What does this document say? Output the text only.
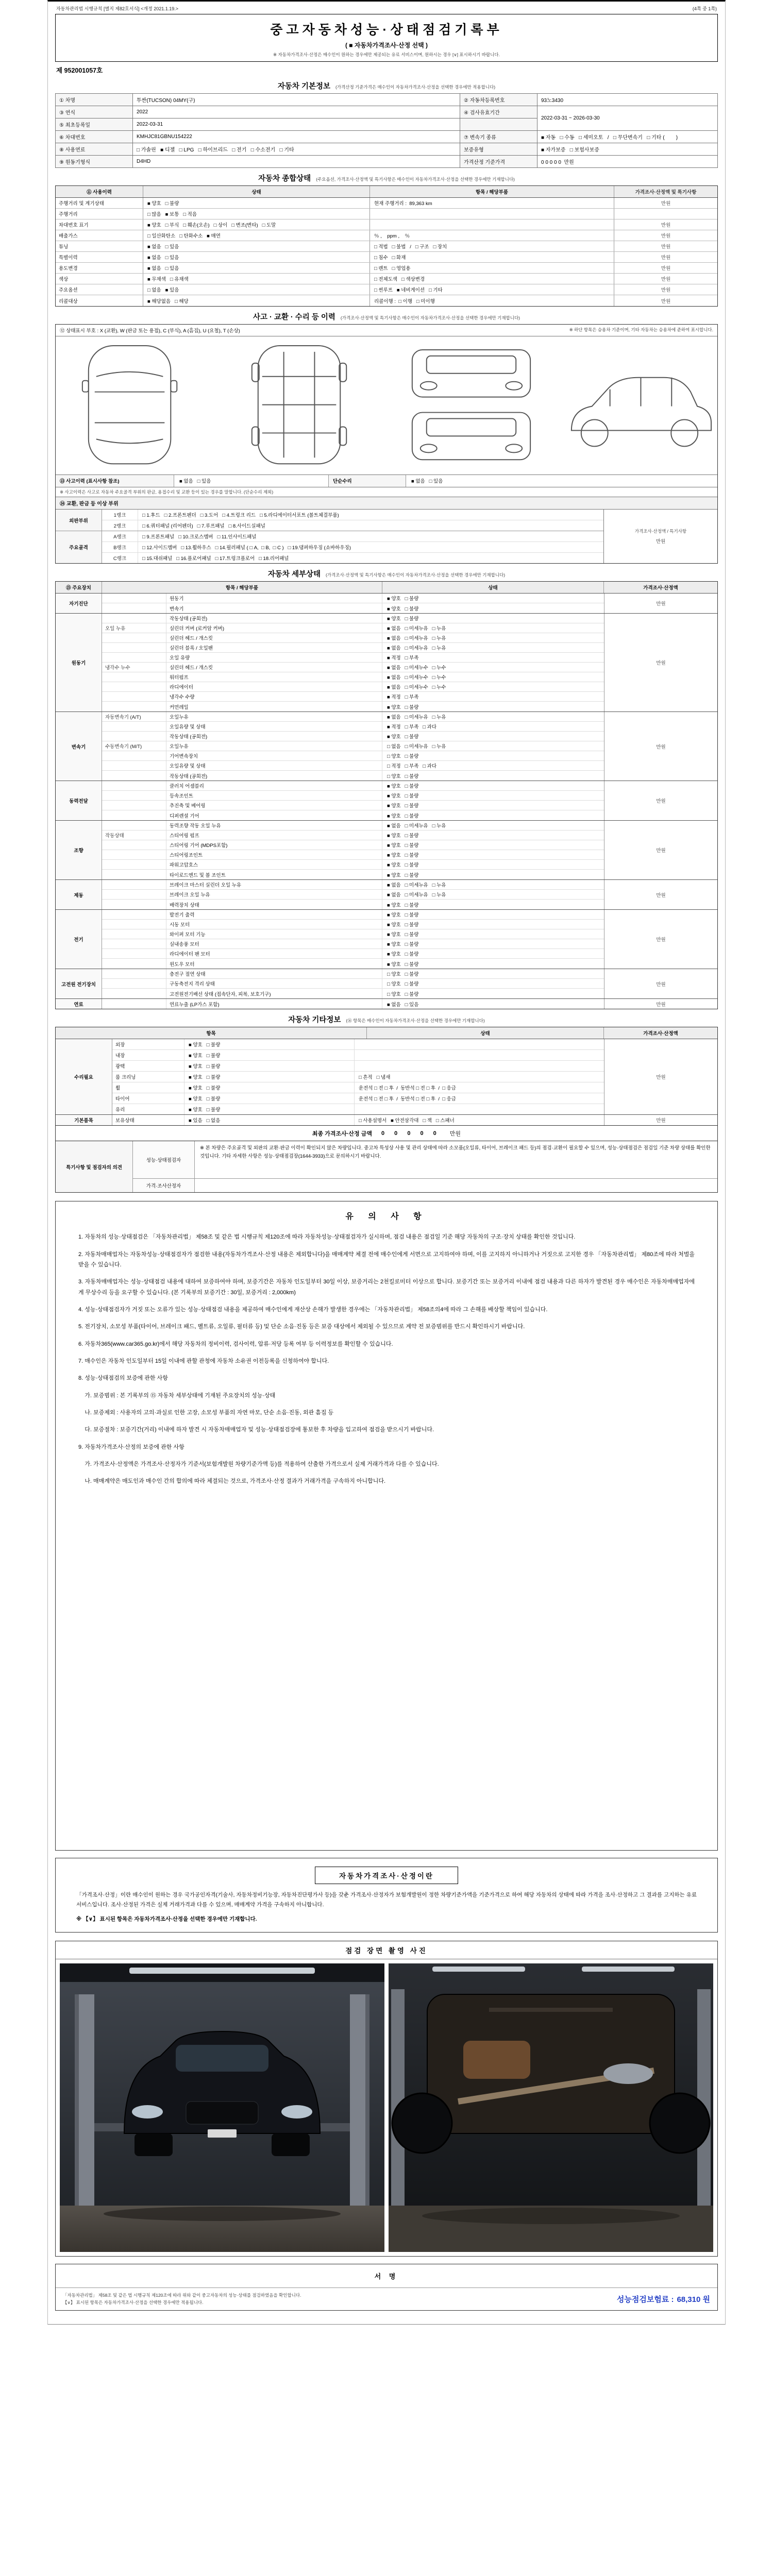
자동차관리법 시행규칙 [별지 제82호서식] <개정 2021.1.19.>	(4쪽 중 1쪽)
중고자동차성능·상태점검기록부
( ■ 자동차가격조사·산정 선택 )
※ 자동차가격조사·산정은 매수인이 원하는 경우에만 제공되는 유료 서비스이며, 원하시는 경우 [∨] 표시하시기 바랍니다.
제 952001057호
자동차 기본정보 (가격산정 기준가격은 매수인이 자동차가격조사·산정을 선택한 경우에만 적용합니다)
① 차명	투싼(TUCSON) 04MY(구)	② 자동차등록번호	93노3430
③ 연식	2022	④ 검사유효기간	2022-03-31 ~ 2026-03-30
⑤ 최초등록일	2022-03-31		
⑥ 차대번호	KMHJC81GBNU154222	⑦ 변속기 종류	■ 자동   □ 수동   □ 세미오토   /   □ 무단변속기   □ 기타 (        )
⑧ 사용연료	□ 가솔린   ■ 디젤   □ LPG   □ 하이브리드   □ 전기   □ 수소전기   □ 기타	보증유형	■ 자가보증   □ 보험사보증
⑨ 원동기형식	D4HD	가격산정 기준가격	0 0 0 0 0  만원
자동차 종합상태 (주요옵션, 가격조사·산정액 및 특기사항은 매수인이 자동차가격조사·산정을 선택한 경우에만 기재합니다)
⑪ 사용이력	상태	항목 / 해당부품	가격조사·산정액 및 특기사항
주행거리 및 계기상태	■ 양호   □ 불량	현재 주행거리 :  89,363 km	만원
주행거리	□ 많음   ■ 보통   □ 적음
차대번호 표기	■ 양호   □ 부식   □ 훼손(오손)   □ 상이   □ 변조(변타)   □ 도말	만원
배출가스	□ 일산화탄소   □ 탄화수소   ■ 매연	％ ,    ppm ,    ％	만원
튜닝	■ 없음   □ 있음	□ 적법   □ 불법   /   □ 구조   □ 장치	만원
특별이력	■ 없음   □ 있음	□ 침수   □ 화재	만원
용도변경	■ 없음   □ 있음	□ 렌트   □ 영업용	만원
색상	■ 무채색   □ 유채색	□ 전체도색   □ 색상변경	만원
주요옵션	□ 없음   ■ 있음	□ 썬루프   ■ 네비게이션   □ 기타	만원
리콜대상	■ 해당없음   □ 해당	리콜이행 :  □ 이행   □ 미이행	만원
사고 · 교환 · 수리 등 이력 (가격조사·산정액 및 특기사항은 매수인이 자동차가격조사·산정을 선택한 경우에만 기재합니다)
⑫ 상태표시 부호 : X (교환), W (판금 또는 용접), C (부식), A (흠집), U (요철), T (손상)	※ 하단 항목은 승용차 기준이며, 기타 자동차는 승용차에 준하여 표시합니다.
⑬ 사고이력 (표시사항 참조)	■ 없음   □ 있음	단순수리	■ 없음   □ 있음
※ 사고이력은 사고로 자동차 주요골격 부위의 판금, 용접수리 및 교환 등이 있는 경우를 말합니다. (단순수리 제외)
⑭ 교환, 판금 등 이상 부위
외판부위
1랭크	□ 1.후드   □ 2.프론트펜더   □ 3.도어   □ 4.트렁크 리드   □ 5.라디에이터서포트 (볼트체결부품)
2랭크	□ 6.쿼터패널 (리어펜더)   □ 7.루프패널   □ 8.사이드실패널
주요골격
A랭크	□ 9.프론트패널   □ 10.크로스멤버   □ 11.인사이드패널
B랭크	□ 12.사이드멤버   □ 13.휠하우스   □ 14.필러패널 ( □ A,  □ B,  □ C )   □ 19.댐퍼하우징 (쇼바하우징)
C랭크	□ 15.대쉬패널   □ 16.플로어패널   □ 17.트렁크플로어   □ 18.리어패널
가격조사·산정액 / 특기사항
만원
자동차 세부상태 (가격조사·산정액 및 특기사항은 매수인이 자동차가격조사·산정을 선택한 경우에만 기재합니다)
⑮ 주요장치	항목 / 해당부품	상태	가격조사·산정액
자기진단
원동기	■ 양호   □ 불량
변속기	■ 양호   □ 불량
만원
원동기
작동상태 (공회전)	■ 양호   □ 불량
오일 누유	실린더 커버 (로커암 커버)	■ 없음   □ 미세누유   □ 누유
실린더 헤드 / 개스킷	■ 없음   □ 미세누유   □ 누유
실린더 블록 / 오일팬	■ 없음   □ 미세누유   □ 누유
오일 유량	■ 적정   □ 부족
냉각수 누수	실린더 헤드 / 개스킷	■ 없음   □ 미세누수   □ 누수
워터펌프	■ 없음   □ 미세누수   □ 누수
라디에이터	■ 없음   □ 미세누수   □ 누수
냉각수 수량	■ 적정   □ 부족
커먼레일	■ 양호   □ 불량
만원
변속기
자동변속기 (A/T)	오일누유	■ 없음   □ 미세누유   □ 누유
오일유량 및 상태	■ 적정   □ 부족   □ 과다
작동상태 (공회전)	■ 양호   □ 불량
수동변속기 (M/T)	오일누유	□ 없음   □ 미세누유   □ 누유
기어변속장치	□ 양호   □ 불량
오일유량 및 상태	□ 적정   □ 부족   □ 과다
작동상태 (공회전)	□ 양호   □ 불량
만원
동력전달
클러치 어셈블리	■ 양호   □ 불량
등속조인트	■ 양호   □ 불량
추진축 및 베어링	■ 양호   □ 불량
디퍼렌셜 기어	■ 양호   □ 불량
만원
조향
동력조향 작동 오일 누유	■ 없음   □ 미세누유   □ 누유
작동상태	스티어링 펌프	■ 양호   □ 불량
스티어링 기어 (MDPS포함)	■ 양호   □ 불량
스티어링조인트	■ 양호   □ 불량
파워고압호스	■ 양호   □ 불량
타이로드엔드 및 볼 조인트	■ 양호   □ 불량
만원
제동
브레이크 마스터 실린더 오일 누유	■ 없음   □ 미세누유   □ 누유
브레이크 오일 누유	■ 없음   □ 미세누유   □ 누유
배력장치 상태	■ 양호   □ 불량
만원
전기
발전기 출력	■ 양호   □ 불량
시동 모터	■ 양호   □ 불량
와이퍼 모터 기능	■ 양호   □ 불량
실내송풍 모터	■ 양호   □ 불량
라디에이터 팬 모터	■ 양호   □ 불량
윈도우 모터	■ 양호   □ 불량
만원
고전원 전기장치
충전구 절연 상태	□ 양호   □ 불량
구동축전지 격리 상태	□ 양호   □ 불량
고전원전기배선 상태 (접속단자, 피복, 보호기구)	□ 양호   □ 불량
만원
연료	연료누출 (LP가스 포함)	■ 없음   □ 있음	만원
자동차 기타정보 (⑯ 항목은 매수인이 자동차가격조사·산정을 선택한 경우에만 기재합니다)
항목	상태	가격조사·산정액
수리필요
외장	■ 양호   □ 불량
내장	■ 양호   □ 불량
광택	■ 양호   □ 불량
룸 크리닝	■ 양호   □ 불량	□ 흔적   □ 냄새
휠	■ 양호   □ 불량	운전석 □ 전 □ 후  /  동반석 □ 전 □ 후  /  □ 응급
타이어	■ 양호   □ 불량	운전석 □ 전 □ 후  /  동반석 □ 전 □ 후  /  □ 응급
유리	■ 양호   □ 불량
만원
기본품목	보유상태	■ 있음   □ 없음	□ 사용설명서   ■ 안전삼각대   □ 잭   □ 스패너	만원
최종 가격조사·산정 금액 0 0 0 0 0 만원
특기사항 및 점검자의 의견
성능·상태점검자
※ 본 차량은 주요골격 및 외판의 교환·판금 이력이 확인되지 않은 차량입니다. 중고차 특성상 사용 및 관리 상태에 따라 소모품(오일류, 타이어, 브레이크 패드 등)의 점검·교환이 필요할 수 있으며, 성능·상태점검은 점검일 기준 차량 상태를 확인한 것입니다. 기타 자세한 사항은 성능·상태점검장(1644-3933)으로 문의하시기 바랍니다.
가격·조사산정자
유 의 사 항

1. 자동차의 성능·상태점검은 「자동차관리법」 제58조 및 같은 법 시행규칙 제120조에 따라 자동차성능·상태점검자가 실시하며, 점검 내용은 점검일 기준 해당 자동차의 구조·장치 상태를 확인한 것입니다.

2. 자동차매매업자는 자동차성능·상태점검자가 점검한 내용(자동차가격조사·산정 내용은 제외합니다)을 매매계약 체결 전에 매수인에게 서면으로 고지하여야 하며, 이를 고지하지 아니하거나 거짓으로 고지한 경우 「자동차관리법」 제80조에 따라 처벌을 받을 수 있습니다.

3. 자동차매매업자는 성능·상태점검 내용에 대하여 보증하여야 하며, 보증기간은 자동차 인도일부터 30일 이상, 보증거리는 2천킬로미터 이상으로 합니다. 보증기간 또는 보증거리 이내에 점검 내용과 다른 하자가 발견된 경우 매수인은 자동차매매업자에게 무상수리 등을 요구할 수 있습니다. (본 기록부의 보증기간 : 30일, 보증거리 : 2,000km)

4. 성능·상태점검자가 거짓 또는 오류가 있는 성능·상태점검 내용을 제공하여 매수인에게 재산상 손해가 발생한 경우에는 「자동차관리법」 제58조의4에 따라 그 손해를 배상할 책임이 있습니다.

5. 전기장치, 소모성 부품(타이어, 브레이크 패드, 벨트류, 오일류, 필터류 등) 및 단순 소음·진동 등은 보증 대상에서 제외될 수 있으므로 계약 전 보증범위를 반드시 확인하시기 바랍니다.

6. 자동차365(www.car365.go.kr)에서 해당 자동차의 정비이력, 검사이력, 압류·저당 등록 여부 등 이력정보를 확인할 수 있습니다.

7. 매수인은 자동차 인도일부터 15일 이내에 관할 관청에 자동차 소유권 이전등록을 신청하여야 합니다.

8. 성능·상태점검의 보증에 관한 사항

가. 보증범위 : 본 기록부의 ⑮ 자동차 세부상태에 기재된 주요장치의 성능·상태

나. 보증제외 : 사용자의 고의·과실로 인한 고장, 소모성 부품의 자연 마모, 단순 소음·진동, 외관 흠집 등

다. 보증절차 : 보증기간(거리) 이내에 하자 발견 시 자동차매매업자 및 성능·상태점검장에 통보한 후 차량을 입고하여 점검을 받으시기 바랍니다.

9. 자동차가격조사·산정의 보증에 관한 사항

가. 가격조사·산정액은 가격조사·산정자가 기준서(보험개발원 차량기준가액 등)를 적용하여 산출한 가격으로서 실제 거래가격과 다를 수 있습니다.

나. 매매계약은 매도인과 매수인 간의 합의에 따라 체결되는 것으로, 가격조사·산정 결과가 거래가격을 구속하지 아니합니다.

자동차가격조사·산정이란

「가격조사·산정」이란 매수인이 원하는 경우 국가공인자격(기술사, 자동차정비기능장, 자동차진단평가사 등)을 갖춘 가격조사·산정자가 보험개발원이 정한 차량기준가액을 기준가격으로 하여 해당 자동차의 상태에 따라 가격을 조사·산정하고 그 결과를 고지하는 유료 서비스입니다. 조사·산정된 가격은 실제 거래가격과 다를 수 있으며, 매매계약 가격을 구속하지 아니합니다.

※ 【∨】 표시된 항목은 자동차가격조사·산정을 선택한 경우에만 기재합니다.

점검 장면 촬영 사진
서 명

「자동차관리법」 제58조 및 같은 법 시행규칙 제120조에 따라 위와 같이 중고자동차의 성능·상태를 점검하였음을 확인합니다.

【∨】 표시된 항목은 자동차가격조사·산정을 선택한 경우에만 적용됩니다.	성능점검보험료 : 68,310 원
